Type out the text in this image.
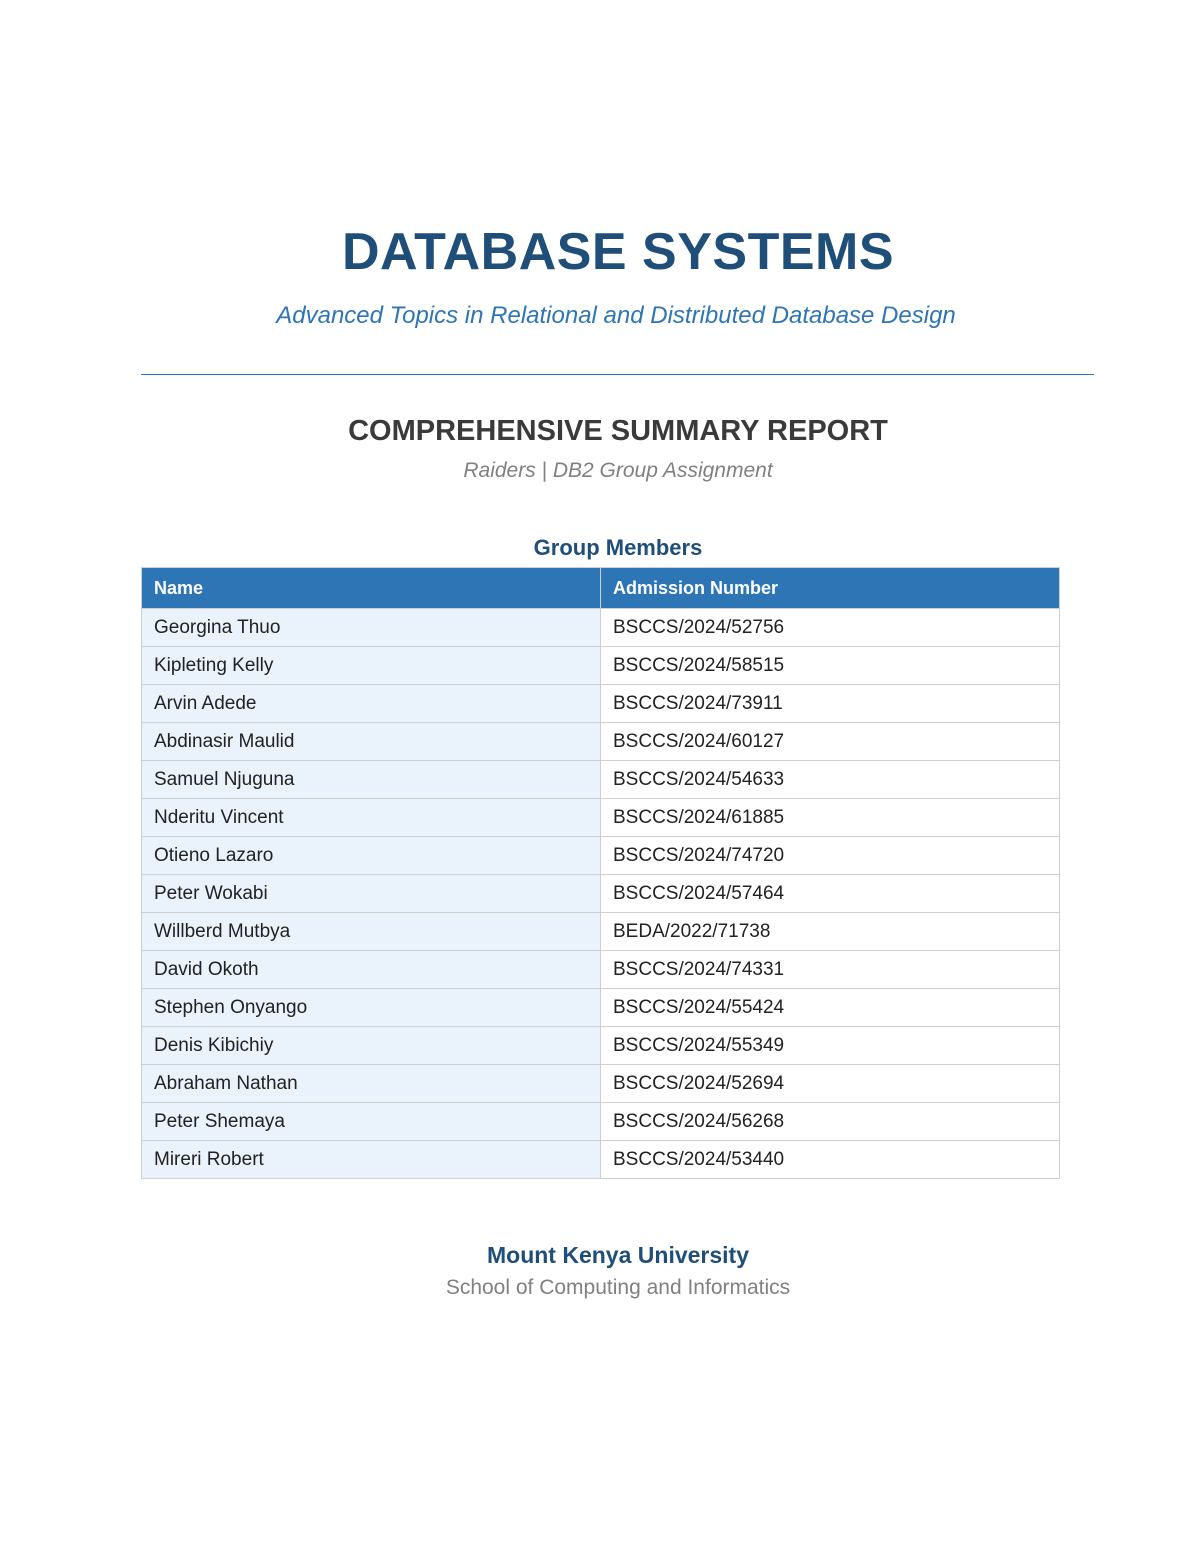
DATABASE SYSTEMS

Advanced Topics in Relational and Distributed Database Design

COMPREHENSIVE SUMMARY REPORT

Raiders | DB2 Group Assignment

Group Members
Name	Admission Number
Georgina Thuo	BSCCS/2024/52756
Kipleting Kelly	BSCCS/2024/58515
Arvin Adede	BSCCS/2024/73911
Abdinasir Maulid	BSCCS/2024/60127
Samuel Njuguna	BSCCS/2024/54633
Nderitu Vincent	BSCCS/2024/61885
Otieno Lazaro	BSCCS/2024/74720
Peter Wokabi	BSCCS/2024/57464
Willberd Mutbya	BEDA/2022/71738
David Okoth	BSCCS/2024/74331
Stephen Onyango	BSCCS/2024/55424
Denis Kibichiy	BSCCS/2024/55349
Abraham Nathan	BSCCS/2024/52694
Peter Shemaya	BSCCS/2024/56268
Mireri Robert	BSCCS/2024/53440

Mount Kenya University

School of Computing and Informatics
